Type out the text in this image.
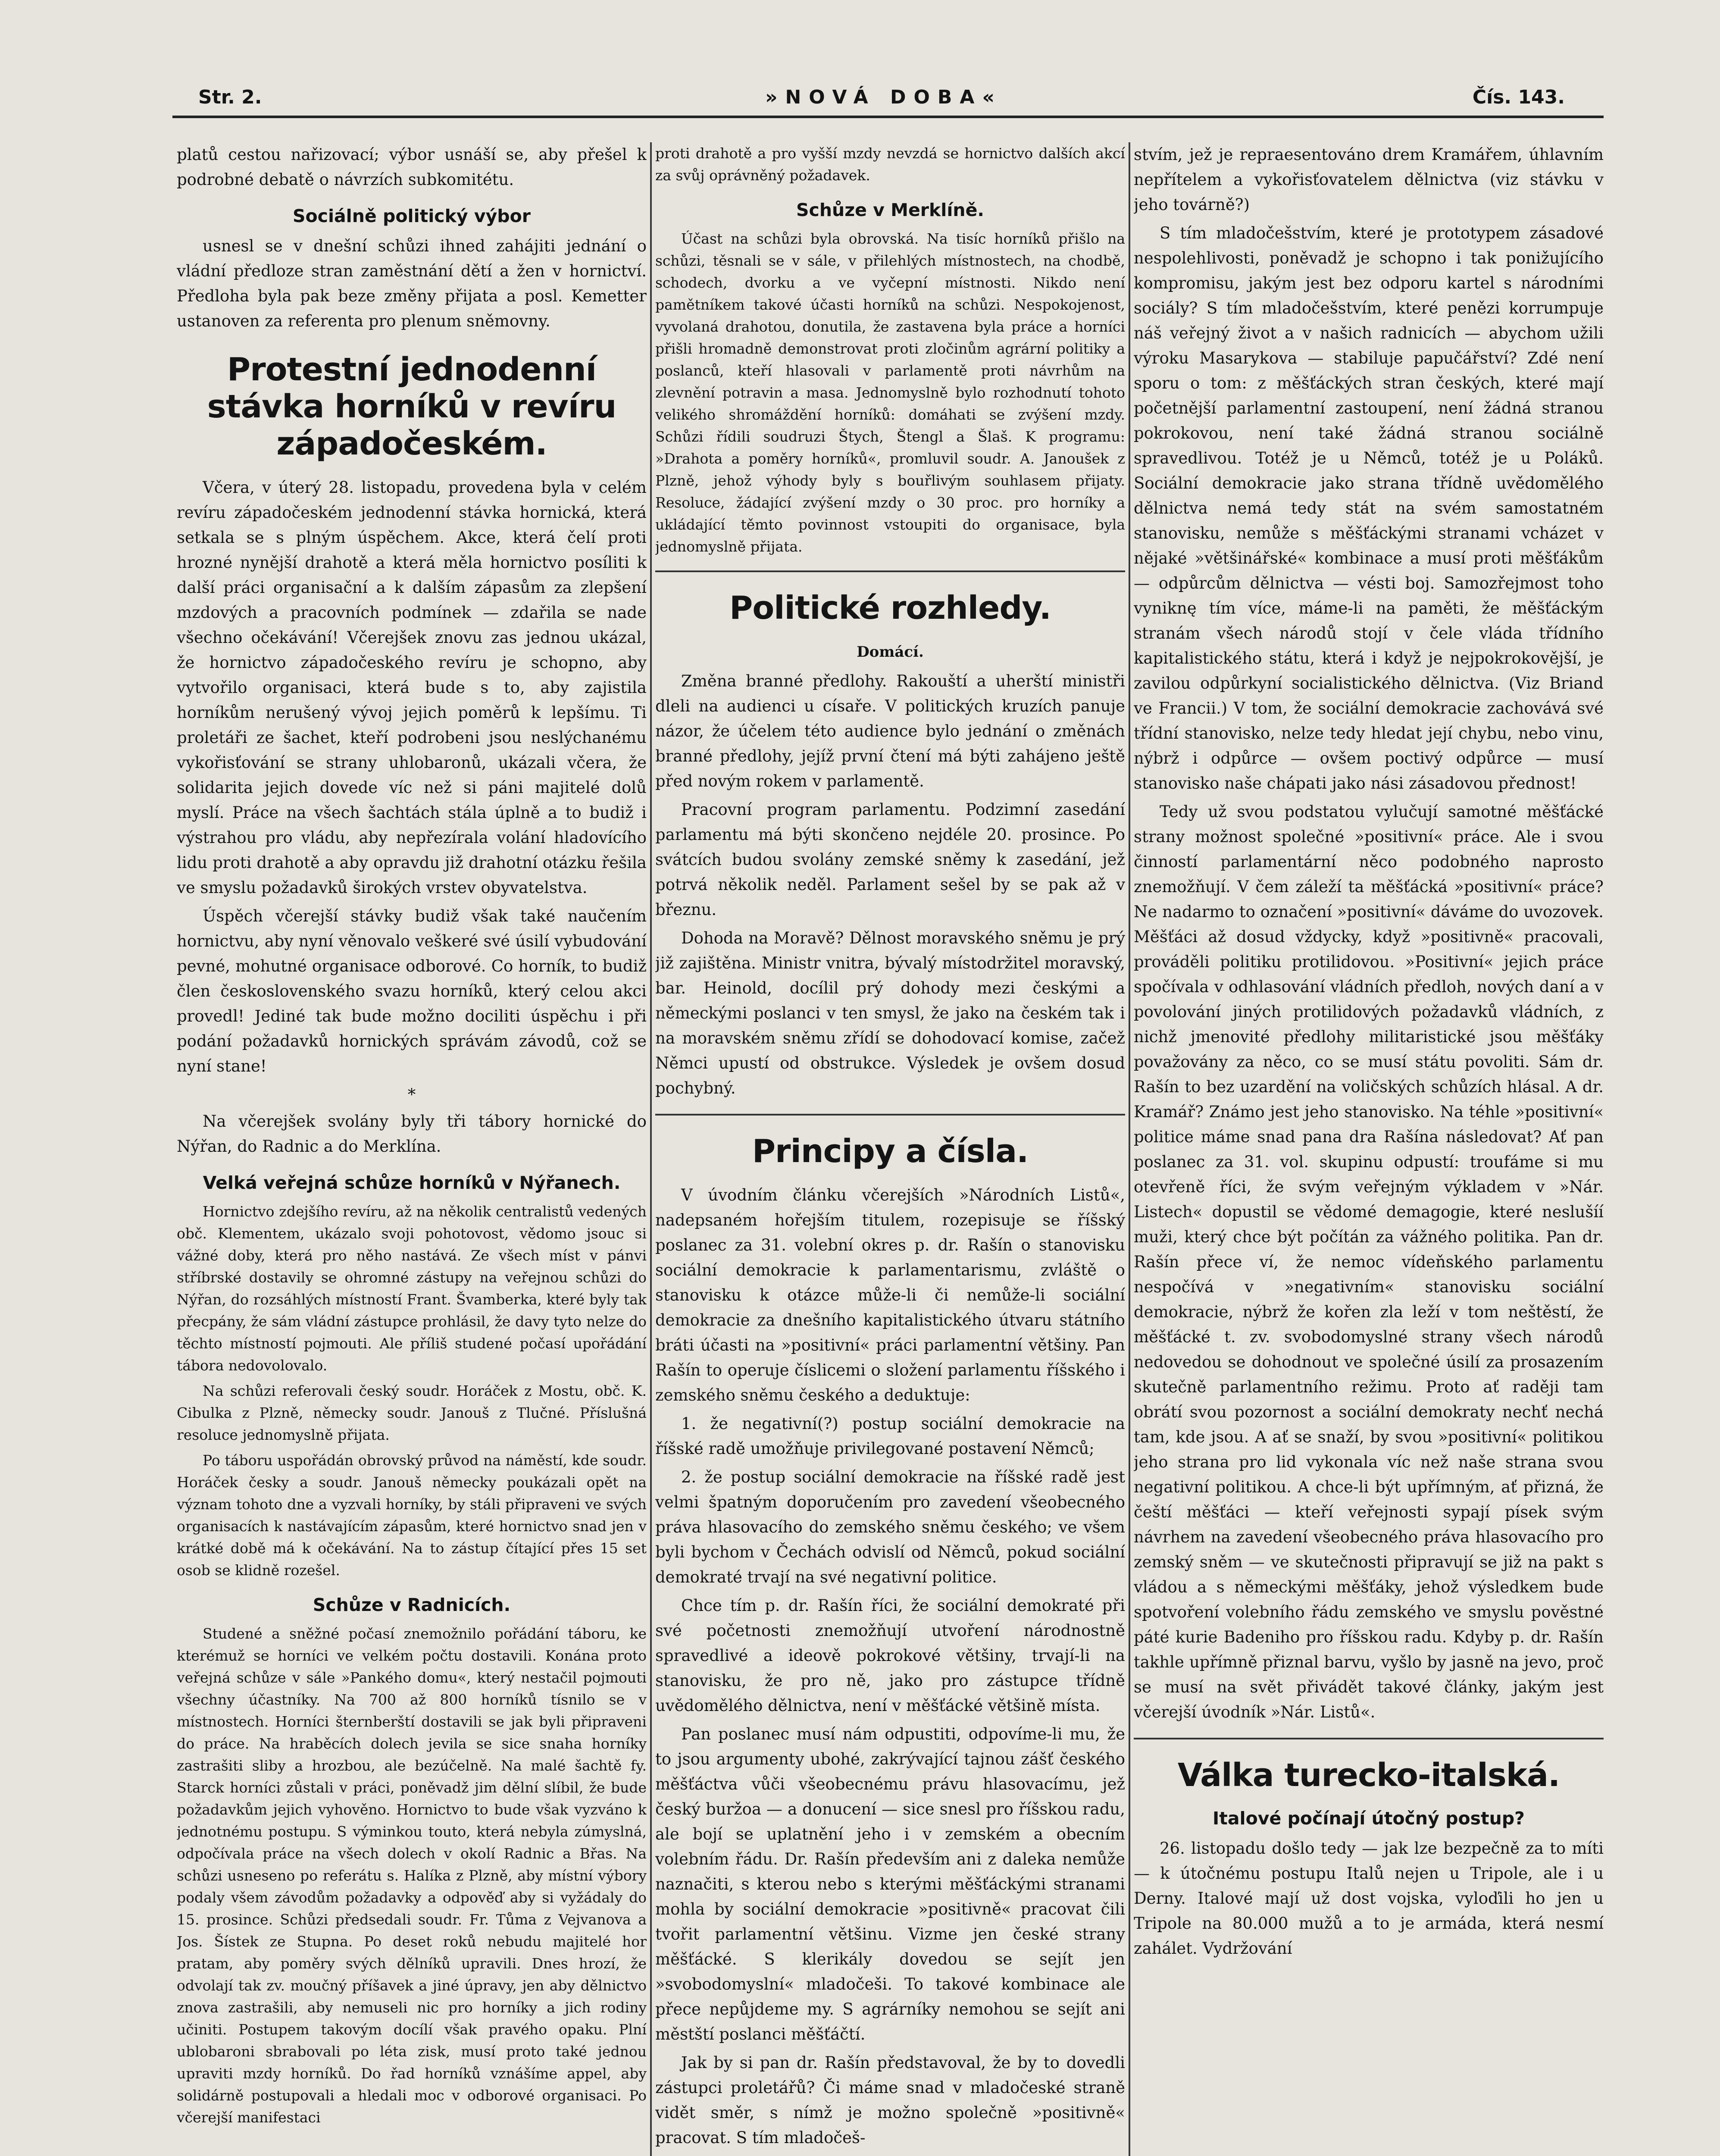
Str. 2.	»NOVÁ DOBA«	Čís. 143.

platů cestou nařizovací; výbor usnáší se, aby přešel k podrobné debatě o návrzích subkomitétu.

Sociálně politický výbor

usnesl se v dnešní schůzi ihned zahájiti jednání o vládní předloze stran zaměstnání dětí a žen v hornictví. Předloha byla pak beze změny přijata a posl. Kemetter ustanoven za referenta pro plenum sněmovny.

Protestní jednodenní stávka horníků v revíru západočeském.

Včera, v úterý 28. listopadu, provedena byla v celém revíru západočeském jednodenní stávka hornická, která setkala se s plným úspěchem. Akce, která čelí proti hrozné nynější drahotě a která měla hornictvo posíliti k další práci organisační a k dalším zápasům za zlepšení mzdových a pracovních podmínek — zdařila se nade všechno očekávání! Včerejšek znovu zas jednou ukázal, že hornictvo západočeského revíru je schopno, aby vytvořilo organisaci, která bude s to, aby zajistila horníkům nerušený vývoj jejich poměrů k lepšímu. Ti proletáři ze šachet, kteří podrobeni jsou neslýchanému vykořisťování se strany uhlobaronů, ukázali včera, že solidarita jejich dovede víc než si páni majitelé dolů myslí. Práce na všech šachtách stála úplně a to budiž i výstrahou pro vládu, aby nepřezírala volání hladovícího lidu proti drahotě a aby opravdu již drahotní otázku řešila ve smyslu požadavků širokých vrstev obyvatelstva.

Úspěch včerejší stávky budiž však také naučením hornictvu, aby nyní věnovalo veškeré své úsilí vybudování pevné, mohutné organisace odborové. Co horník, to budiž člen československého svazu horníků, který celou akci provedl! Jediné tak bude možno dociliti úspěchu i při podání požadavků hornických správám závodů, což se nyní stane!

*

Na včerejšek svolány byly tři tábory hornické do Nýřan, do Radnic a do Merklína.

Velká veřejná schůze horníků v Nýřanech.

Hornictvo zdejšího revíru, až na několik centralistů vedených obč. Klementem, ukázalo svoji pohotovost, vědomo jsouc si vážné doby, která pro něho nastává. Ze všech míst v pánvi stříbrské dostavily se ohromné zástupy na veřejnou schůzi do Nýřan, do rozsáhlých místností Frant. Švamberka, které byly tak přecpány, že sám vládní zástupce prohlásil, že davy tyto nelze do těchto místností pojmouti. Ale příliš studené počasí upořádání tábora nedovolovalo.

Na schůzi referovali český soudr. Horáček z Mostu, obč. K. Cibulka z Plzně, německy soudr. Janouš z Tlučné. Příslušná resoluce jednomyslně přijata.

Po táboru uspořádán obrovský průvod na náměstí, kde soudr. Horáček česky a soudr. Janouš německy poukázali opět na význam tohoto dne a vyzvali horníky, by stáli připraveni ve svých organisacích k nastávajícím zápasům, které hornictvo snad jen v krátké době má k očekávání. Na to zástup čítající přes 15 set osob se klidně rozešel.

Schůze v Radnicích.

Studené a sněžné počasí znemožnilo pořádání táboru, ke kterémuž se horníci ve velkém počtu dostavili. Konána proto veřejná schůze v sále »Pankého domu«, který nestačil pojmouti všechny účastníky. Na 700 až 800 horníků tísnilo se v místnostech. Horníci šternberští dostavili se jak byli připraveni do práce. Na hraběcích dolech jevila se sice snaha horníky zastrašiti sliby a hrozbou, ale bezúčelně. Na malé šachtě fy. Starck horníci zůstali v práci, poněvadž jim dělní slíbil, že bude požadavkům jejich vyhověno. Hornictvo to bude však vyzváno k jednotnému postupu. S výminkou touto, která nebyla zúmyslná, odpočívala práce na všech dolech v okolí Radnic a Břas. Na schůzi usneseno po referátu s. Halíka z Plzně, aby místní výbory podaly všem závodům požadavky a odpověď aby si vyžádaly do 15. prosince. Schůzi předsedali soudr. Fr. Tůma z Vejvanova a Jos. Šístek ze Stupna. Po deset roků nebudu majitelé hor pratam, aby poměry svých dělníků upravili. Dnes hrozí, že odvolají tak zv. moučný příšavek a jiné úpravy, jen aby dělnictvo znova zastrašili, aby nemuseli nic pro horníky a jich rodiny učiniti. Postupem takovým docílí však pravého opaku. Plní ublobaroni sbrabovali po léta zisk, musí proto také jednou upraviti mzdy horníků. Do řad horníků vznášíme appel, aby solidárně postupovali a hledali moc v odborové organisaci. Po včerejší manifestaci

proti drahotě a pro vyšší mzdy nevzdá se hornictvo dalších akcí za svůj oprávněný požadavek.

Schůze v Merklíně.

Účast na schůzi byla obrovská. Na tisíc horníků přišlo na schůzi, těsnali se v sále, v přilehlých místnostech, na chodbě, schodech, dvorku a ve vyčepní místnosti. Nikdo není pamětníkem takové účasti horníků na schůzi. Nespokojenost, vyvolaná drahotou, donutila, že zastavena byla práce a horníci přišli hromadně demonstrovat proti zločinům agrární politiky a poslanců, kteří hlasovali v parlamentě proti návrhům na zlevnění potravin a masa. Jednomyslně bylo rozhodnutí tohoto velikého shromáždění horníků: domáhati se zvýšení mzdy. Schůzi řídili soudruzi Štych, Štengl a Šlaš. K programu: »Drahota a poměry horníků«, promluvil soudr. A. Janoušek z Plzně, jehož výhody byly s bouřlivým souhlasem přijaty. Resoluce, žádající zvýšení mzdy o 30 proc. pro horníky a ukládající těmto povinnost vstoupiti do organisace, byla jednomyslně přijata.

Politické rozhledy.
Domácí.

Změna branné předlohy. Rakouští a uherští ministři dleli na audienci u císaře. V politických kruzích panuje názor, že účelem této audience bylo jednání o změnách branné předlohy, jejíž první čtení má býti zahájeno ještě před novým rokem v parlamentě.

Pracovní program parlamentu. Podzimní zasedání parlamentu má býti skončeno nejdéle 20. prosince. Po svátcích budou svolány zemské sněmy k zasedání, jež potrvá několik neděl. Parlament sešel by se pak až v březnu.

Dohoda na Moravě? Dělnost moravského sněmu je prý již zajištěna. Ministr vnitra, bývalý místodržitel moravský, bar. Heinold, docílil prý dohody mezi českými a německými poslanci v ten smysl, že jako na českém tak i na moravském sněmu zřídí se dohodovací komise, začež Němci upustí od obstrukce. Výsledek je ovšem dosud pochybný.

Principy a čísla.

V úvodním článku včerejších »Národních Listů«, nadepsaném hořejším titulem, rozepisuje se říšský poslanec za 31. volební okres p. dr. Rašín o stanovisku sociální demokracie k parlamentarismu, zvláště o stanovisku k otázce může-li či nemůže-li sociální demokracie za dnešního kapitalistického útvaru státního bráti účasti na »positivní« práci parlamentní většiny. Pan Rašín to operuje číslicemi o složení parlamentu říšského i zemského sněmu českého a deduktuje:

1. že negativní(?) postup sociální demokracie na říšské radě umožňuje privilegované postavení Němců;

2. že postup sociální demokracie na říšské radě jest velmi špatným doporučením pro zavedení všeobecného práva hlasovacího do zemského sněmu českého; ve všem byli bychom v Čechách odvislí od Němců, pokud sociální demokraté trvají na své negativní politice.

Chce tím p. dr. Rašín říci, že sociální demokraté při své početnosti znemožňují utvoření národnostně spravedlivé a ideově pokrokové většiny, trvají-li na stanovisku, že pro ně, jako pro zástupce třídně uvědomělého dělnictva, není v měšťácké většině místa.

Pan poslanec musí nám odpustiti, odpovíme-li mu, že to jsou argumenty ubohé, zakrývající tajnou zášť českého měšťáctva vůči všeobecnému právu hlasovacímu, jež český buržoa — a donucení — sice snesl pro říšskou radu, ale bojí se uplatnění jeho i v zemském a obecním volebním řádu. Dr. Rašín především ani z daleka nemůže naznačiti, s kterou nebo s kterými měšťáckými stranami mohla by sociální demokracie »positivně« pracovat čili tvořit parlamentní většinu. Vizme jen české strany měšťácké. S klerikály dovedou se sejít jen »svobodomyslní« mladočeši. To takové kombinace ale přece nepůjdeme my. S agrárníky nemohou se sejít ani městští poslanci měšťáčtí.

Jak by si pan dr. Rašín představoval, že by to dovedli zástupci proletářů? Či máme snad v mladočeské straně vidět směr, s nímž je možno společně »positivně« pracovat. S tím mladočeš-

stvím, jež je repraesentováno drem Kramářem, úhlavním nepřítelem a vykořisťovatelem dělnictva (viz stávku v jeho továrně?)

S tím mladočešstvím, které je prototypem zásadové nespolehlivosti, poněvadž je schopno i tak ponižujícího kompromisu, jakým jest bez odporu kartel s národními sociály? S tím mladočešstvím, které penězi korrumpuje náš veřejný život a v našich radnicích — abychom užili výroku Masarykova — stabiluje papučářství? Zdé není sporu o tom: z měšťáckých stran českých, které mají početnější parlamentní zastoupení, není žádná stranou pokrokovou, není také žádná stranou sociálně spravedlivou. Totéž je u Němců, totéž je u Poláků. Sociální demokracie jako strana třídně uvědomělého dělnictva nemá tedy stát na svém samostatném stanovisku, nemůže s měšťáckými stranami vcházet v nějaké »většinářské« kombinace a musí proti měšťákům — odpůrcům dělnictva — vésti boj. Samozřejmost toho vyniknę tím více, máme-li na paměti, že měšťáckým stranám všech národů stojí v čele vláda třídního kapitalistického státu, která i když je nejpokrokovější, je zavilou odpůrkyní socialistického dělnictva. (Viz Briand ve Francii.) V tom, že sociální demokracie zachovává své třídní stanovisko, nelze tedy hledat její chybu, nebo vinu, nýbrž i odpůrce — ovšem poctivý odpůrce — musí stanovisko naše chápati jako nási zásadovou přednost!

Tedy už svou podstatou vylučují samotné měšťácké strany možnost společné »positivní« práce. Ale i svou činností parlamentární něco podobného naprosto znemožňují. V čem záleží ta měšťácká »positivní« práce? Ne nadarmo to označení »positivní« dáváme do uvozovek. Měšťáci až dosud vždycky, když »positivně« pracovali, prováděli politiku protilidovou. »Positivní« jejich práce spočívala v odhlasování vládních předloh, nových daní a v povolování jiných protilidových požadavků vládních, z nichž jmenovité předlohy militaristické jsou měšťáky považovány za něco, co se musí státu povoliti. Sám dr. Rašín to bez uzardění na voličských schůzích hlásal. A dr. Kramář? Známo jest jeho stanovisko. Na téhle »positivní« politice máme snad pana dra Rašína následovat? Ať pan poslanec za 31. vol. skupinu odpustí: troufáme si mu otevřeně říci, že svým veřejným výkladem v »Nár. Listech« dopustil se vědomé demagogie, které neslušíí muži, který chce být počítán za vážného politika. Pan dr. Rašín přece ví, že nemoc vídeňského parlamentu nespočívá v »negativním« stanovisku sociální demokracie, nýbrž že kořen zla leží v tom neštěstí, že měšťácké t. zv. svobodomyslné strany všech národů nedovedou se dohodnout ve společné úsilí za prosazením skutečně parlamentního režimu. Proto ať raději tam obrátí svou pozornost a sociální demokraty nechť nechá tam, kde jsou. A ať se snaží, by svou »positivní« politikou jeho strana pro lid vykonala víc než naše strana svou negativní politikou. A chce-li být upřímným, ať přizná, že čeští měšťáci — kteří veřejnosti sypají písek svým návrhem na zavedení všeobecného práva hlasovacího pro zemský sněm — ve skutečnosti připravují se již na pakt s vládou a s německými měšťáky, jehož výsledkem bude spotvoření volebního řádu zemského ve smyslu pověstné páté kurie Badeniho pro říšskou radu. Kdyby p. dr. Rašín takhle upřímně přiznal barvu, vyšlo by jasně na jevo, proč se musí na svět přivádět takové články, jakým jest včerejší úvodník »Nár. Listů«.

Válka turecko-italská.
Italové počínají útočný postup?

26. listopadu došlo tedy — jak lze bezpečně za to míti — k útočnému postupu Italů nejen u Tripole, ale i u Derny. Italové mají už dost vojska, vyloďili ho jen u Tripole na 80.000 mužů a to je armáda, která nesmí zahálet. Vydržování
